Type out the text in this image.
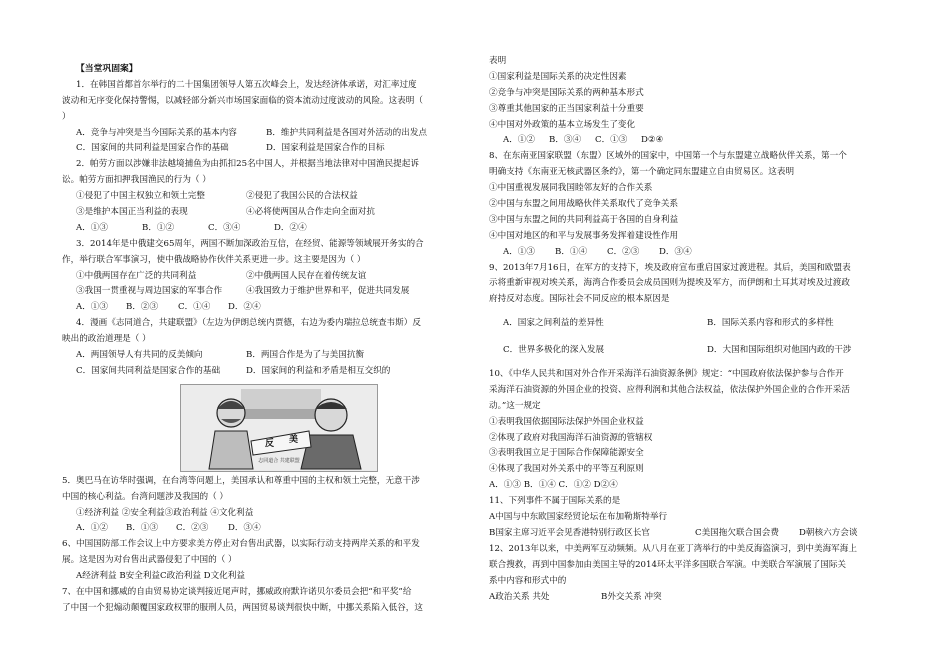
【当堂巩固案】
1．在韩国首都首尔举行的二十国集团领导人第五次峰会上，发达经济体承诺，对汇率过度
波动和无序变化保持警惕，以减轻部分新兴市场国家面临的资本流动过度波动的风险。这表明（
）
A．竞争与冲突是当今国际关系的基本内容	B．维护共同利益是各国对外活动的出发点
C．国家间的共同利益是国家合作的基础	D．国家利益是国家合作的目标
2．帕劳方面以涉嫌非法越境捕鱼为由抓扣25名中国人，并根据当地法律对中国渔民提起诉
讼。帕劳方面扣押我国渔民的行为（ ）
①侵犯了中国主权独立和领土完整	②侵犯了我国公民的合法权益
③是维护本国正当利益的表现	④必将使两国从合作走向全面对抗
A．①③	B．①②	C．③④	D．②④
3．2014年是中俄建交65周年，两国不断加深政治互信，在经贸、能源等领域展开务实的合
作，举行联合军事演习，使中俄战略协作伙伴关系更进一步。这主要是因为（ ）
①中俄两国存在广泛的共同利益	②中俄两国人民存在着传统友谊
③我国一贯重视与周边国家的军事合作	④我国致力于维护世界和平，促进共同发展
A．①③ B．②③ C．①④ D．②④
4．漫画《志同道合，共建联盟》（左边为伊朗总统内贾德，右边为委内瑞拉总统查韦斯）反
映出的政治道理是（ ）
A．两国领导人有共同的反美倾向	B．两国合作是为了与美国抗衡
C．国家间共同利益是国家合作的基础	D．国家间的利益和矛盾是相互交织的
反 美
志同道合 共建联盟
5．奥巴马在访华时强调，在台湾等问题上，美国承认和尊重中国的主权和领土完整，无意干涉
中国的核心利益。台湾问题涉及我国的（ ）
①经济利益 ②安全利益③政治利益 ④文化利益
A．①② B．①③ C．②③ D．③④
6、中国国防部工作会议上中方要求美方停止对台售出武器，以实际行动支持两岸关系的和平发
展。这是因为对台售出武器侵犯了中国的（ ）
A经济利益 B安全利益C政治利益 D文化利益
7、在中国和挪威的自由贸易协定谈判接近尾声时，挪威政府默许诺贝尔委员会把“和平奖”给
了中国一个犯煽动颠覆国家政权罪的服刑人员，两国贸易谈判很快中断，中挪关系陷入低谷，这
表明
①国家利益是国际关系的决定性因素
②竞争与冲突是国际关系的两种基本形式
③尊重其他国家的正当国家利益十分重要
④中国对外政策的基本立场发生了变化
A．①② B．③④ C．①③ D②④
8、在东南亚国家联盟（东盟）区域外的国家中，中国第一个与东盟建立战略伙伴关系，第一个
明确支持《东南亚无核武器区条约》，第一个确定同东盟建立自由贸易区。这表明
①中国重视发展同我国睦邻友好的合作关系
②中国与东盟之间用战略伙伴关系取代了竞争关系
③中国与东盟之间的共同利益高于各国的自身利益
④中国对地区的和平与发展事务发挥着建设性作用
A．①③ B．①④ C．②③ D．③④
9、2013年7月16日，在军方的支持下，埃及政府宣布重启国家过渡进程。其后，美国和欧盟表
示将重新审视对埃关系，海湾合作委员会成员国则为提埃及军方，而伊朗和土耳其对埃及过渡政
府持反对态度。国际社会不同反应的根本原因是
A．国家之间利益的差异性	B．国际关系内容和形式的多样性
C．世界多极化的深入发展	D．大国和国际组织对他国内政的干涉
10、《中华人民共和国对外合作开采海洋石油资源条例》规定：“中国政府依法保护参与合作开
采海洋石油资源的外国企业的投资、应得利润和其他合法权益，依法保护外国企业的合作开采活
动。”这一规定
①表明我国依据国际法保护外国企业权益
②体现了政府对我国海洋石油资源的管辖权
③表明我国立足于国际合作保障能源安全
④体现了我国对外关系中的平等互利原则
A．①③ B．①④ C．①② D②④
11、下列事件不属于国际关系的是
A中国与中东欧国家经贸论坛在布加勒斯特举行
B国家主席习近平会见香港特别行政区长官	C美国拖欠联合国会费 D朝核六方会谈
12、2013年以来，中美两军互动频频。从八月在亚丁湾举行的中美反海盗演习，到中美海军海上
联合搜救，再到中国参加由美国主导的2014环太平洋多国联合军演。中美联合军演展了国际关
系中内容和形式中的
A政治关系 共处	B外交关系 冲突
